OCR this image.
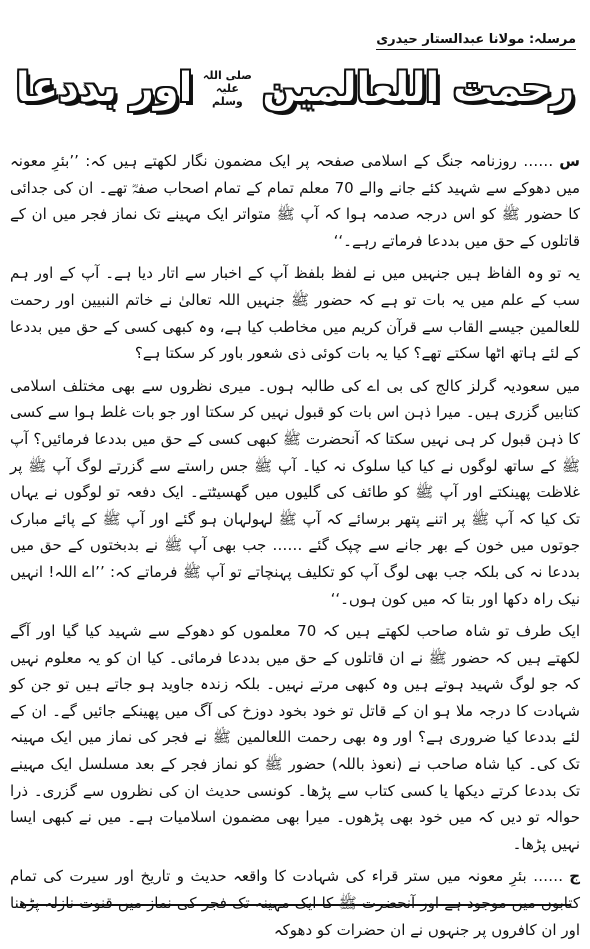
مرسلہ: مولانا عبدالستار حیدری
رحمت اللعالمین
صلی اللہ علیہ وسلم
اور بددعا

س…… روزنامہ جنگ کے اسلامی صفحہ پر ایک مضمون نگار لکھتے ہیں کہ: ’’بئرِ معونہ میں دھوکے سے شہید کئے جانے والے 70 معلم تمام کے تمام اصحاب صفہؓ تھے۔ ان کی جدائی کا حضور ﷺ کو اس درجہ صدمہ ہوا کہ آپ ﷺ متواتر ایک مہینے تک نماز فجر میں ان کے قاتلوں کے حق میں بددعا فرماتے رہے۔‘‘

یہ تو وہ الفاظ ہیں جنہیں میں نے لفظ بلفظ آپ کے اخبار سے اتار دیا ہے۔ آپ کے اور ہم سب کے علم میں یہ بات تو ہے کہ حضور ﷺ جنہیں اللہ تعالیٰ نے خاتم النبیین اور رحمت للعالمین جیسے القاب سے قرآن کریم میں مخاطب کیا ہے، وہ کبھی کسی کے حق میں بددعا کے لئے ہاتھ اٹھا سکتے تھے؟ کیا یہ بات کوئی ذی شعور باور کر سکتا ہے؟

میں سعودیہ گرلز کالج کی بی اے کی طالبہ ہوں۔ میری نظروں سے بھی مختلف اسلامی کتابیں گزری ہیں۔ میرا ذہن اس بات کو قبول نہیں کر سکتا اور جو بات غلط ہوا سے کسی کا ذہن قبول کر ہی نہیں سکتا کہ آنحضرت ﷺ کبھی کسی کے حق میں بددعا فرمائیں؟ آپ ﷺ کے ساتھ لوگوں نے کیا کیا سلوک نہ کیا۔ آپ ﷺ جس راستے سے گزرتے لوگ آپ ﷺ پر غلاظت پھینکتے اور آپ ﷺ کو طائف کی گلیوں میں گھسیٹتے۔ ایک دفعہ تو لوگوں نے یہاں تک کیا کہ آپ ﷺ پر اتنے پتھر برسائے کہ آپ ﷺ لہولہان ہو گئے اور آپ ﷺ کے پائے مبارک جوتوں میں خون کے بھر جانے سے چپک گئے …… جب بھی آپ ﷺ نے بدبختوں کے حق میں بددعا نہ کی بلکہ جب بھی لوگ آپ کو تکلیف پہنچاتے تو آپ ﷺ فرماتے کہ: ’’اے اللہ! انہیں نیک راہ دکھا اور بتا کہ میں کون ہوں۔‘‘

ایک طرف تو شاہ صاحب لکھتے ہیں کہ 70 معلموں کو دھوکے سے شہید کیا گیا اور آگے لکھتے ہیں کہ حضور ﷺ نے ان قاتلوں کے حق میں بددعا فرمائی۔ کیا ان کو یہ معلوم نہیں کہ جو لوگ شہید ہوتے ہیں وہ کبھی مرتے نہیں۔ بلکہ زندہ جاوید ہو جاتے ہیں تو جن کو شہادت کا درجہ ملا ہو ان کے قاتل تو خود بخود دوزخ کی آگ میں پھینکے جائیں گے۔ ان کے لئے بددعا کیا ضروری ہے؟ اور وہ بھی رحمت اللعالمین ﷺ نے فجر کی نماز میں ایک مہینہ تک کی۔ کیا شاہ صاحب نے (نعوذ باللہ) حضور ﷺ کو نماز فجر کے بعد مسلسل ایک مہینے تک بددعا کرتے دیکھا یا کسی کتاب سے پڑھا۔ کونسی حدیث ان کی نظروں سے گزری۔ ذرا حوالہ تو دیں کہ میں خود بھی پڑھوں۔ میرا بھی مضمون اسلامیات ہے۔ میں نے کبھی ایسا نہیں پڑھا۔

ج…… بئرِ معونہ میں ستر قراء کی شہادت کا واقعہ حدیث و تاریخ اور سیرت کی تمام کتابوں میں موجود ہے اور آنحضرت ﷺ کا ایک مہینہ تک فجر کی نماز میں قنوت نازلہ پڑھنا اور ان کافروں پر جنہوں نے ان حضرات کو دھوکہ
